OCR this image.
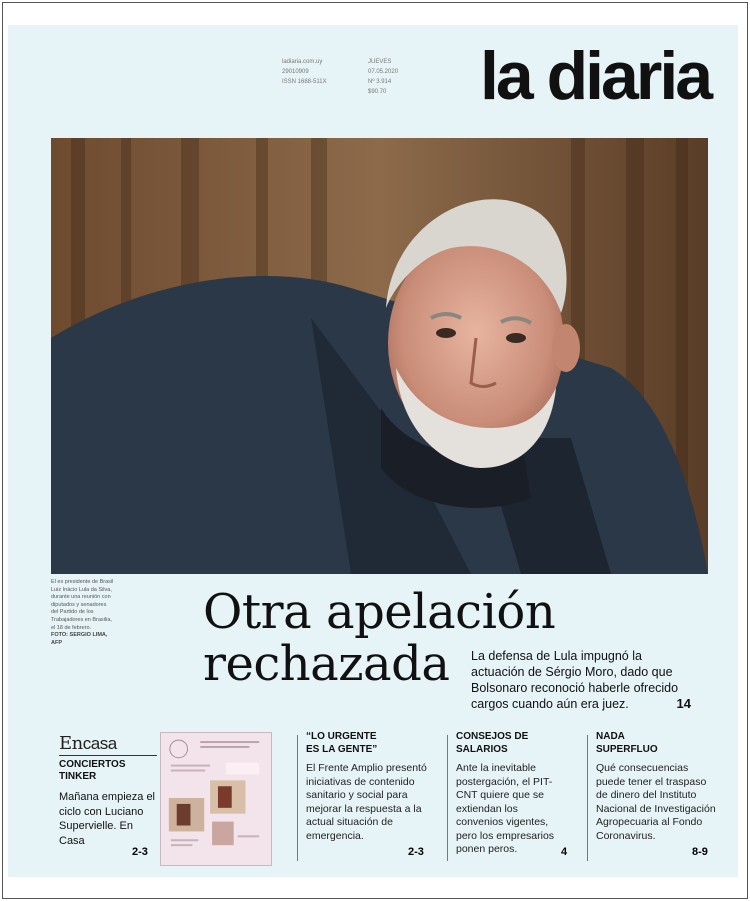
ladiaria.com.uy
29010909
ISSN 1688-511X
JUEVES
07.05.2020
Nº 3.914
$90.70 la diaria
El ex presidente de Brasil Luiz Inácio Lula da Silva, durante una reunión con diputados y senadores del Partido de los Trabajadores en Brasilia, el 18 de febrero.
FOTO: SERGIO LIMA, AFP
Otra apelación
rechazada	La defensa de Lula impugnó la actuación de Sérgio Moro, dado que Bolsonaro reconoció haberle ofrecido cargos cuando aún era juez.	14
Encasa
CONCIERTOS
TINKER
Mañana empieza el ciclo con Luciano Supervielle. En Casa
2-3
“LO URGENTE
ES LA GENTE”
El Frente Amplio presentó iniciativas de contenido sanitario y social para mejorar la respuesta a la actual situación de emergencia.
2-3
CONSEJOS DE
SALARIOS
Ante la inevitable postergación, el PIT-CNT quiere que se extiendan los convenios vigentes, pero los empresarios ponen peros.	4
NADA
SUPERFLUO
Qué consecuencias puede tener el traspaso de dinero del Instituto Nacional de Investigación Agropecuaria al Fondo Coronavirus.
8-9
